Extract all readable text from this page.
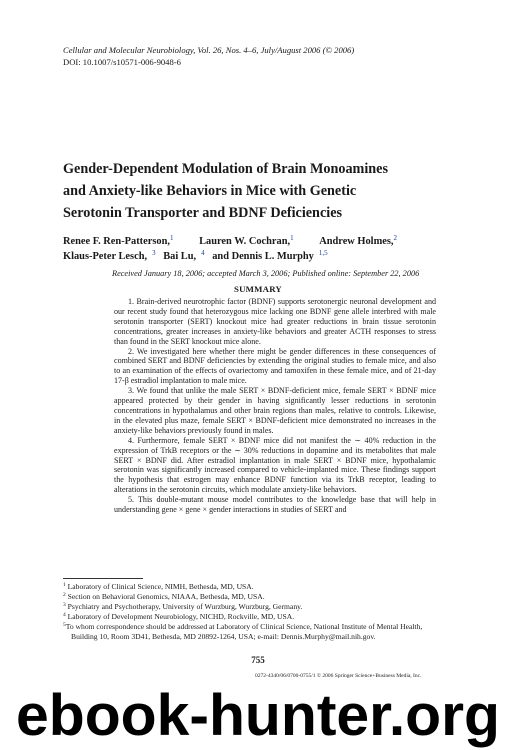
Cellular and Molecular Neurobiology, Vol. 26, Nos. 4–6, July/August 2006 (© 2006)
DOI: 10.1007/s10571-006-9048-6
Gender-Dependent Modulation of Brain Monoamines
and Anxiety-like Behaviors in Mice with Genetic
Serotonin Transporter and BDNF Deficiencies
Renee F. Ren-Patterson,$^1$ Lauren W. Cochran,$^1$ Andrew Holmes,$^2$
Klaus-Peter Lesch, $^3$ Bai Lu, $^4$ and Dennis L. Murphy $^{1,5}$
Received January 18, 2006; accepted March 3, 2006; Published online: September 22, 2006
SUMMARY

1. Brain-derived neurotrophic factor (BDNF) supports serotonergic neuronal development and our recent study found that heterozygous mice lacking one BDNF gene allele interbred with male serotonin transporter (SERT) knockout mice had greater reductions in brain tissue serotonin concentrations, greater increases in anxiety-like behaviors and greater ACTH responses to stress than found in the SERT knockout mice alone.

2. We investigated here whether there might be gender differences in these consequences of combined SERT and BDNF deficiencies by extending the original studies to female mice, and also to an examination of the effects of ovariectomy and tamoxifen in these female mice, and of 21-day 17-β estradiol implantation to male mice.

3. We found that unlike the male SERT × BDNF-deficient mice, female SERT × BDNF mice appeared protected by their gender in having significantly lesser reductions in serotonin concentrations in hypothalamus and other brain regions than males, relative to controls. Likewise, in the elevated plus maze, female SERT × BDNF-deficient mice demonstrated no increases in the anxiety-like behaviors previously found in males.

4. Furthermore, female SERT × BDNF mice did not manifest the ∼ 40% reduction in the expression of TrkB receptors or the ∼ 30% reductions in dopamine and its metabolites that male SERT × BDNF did. After estradiol implantation in male SERT × BDNF mice, hypothalamic serotonin was significantly increased compared to vehicle-implanted mice. These findings support the hypothesis that estrogen may enhance BDNF function via its TrkB receptor, leading to alterations in the serotonin circuits, which modulate anxiety-like behaviors.

5. This double-mutant mouse model contributes to the knowledge base that will help in understanding gene × gene × gender interactions in studies of SERT and

$^1$ Laboratory of Clinical Science, NIMH, Bethesda, MD, USA.
$^2$ Section on Behavioral Genomics, NIAAA, Bethesda, MD, USA.
$^3$ Psychiatry and Psychotherapy, University of Wurzburg, Wurzburg, Germany.
$^4$ Laboratory of Development Neurobiology, NICHD, Rockville, MD, USA.
$^5$To whom correspondence should be addressed at Laboratory of Clinical Science, National Institute of Mental Health, Building 10, Room 3D41, Bethesda, MD 20892-1264, USA; e-mail: Dennis.Murphy@mail.nih.gov.
755
0272-4340/06/0700-0755/1 © 2006 Springer Science+Business Media, Inc.
ebook-hunter.org
